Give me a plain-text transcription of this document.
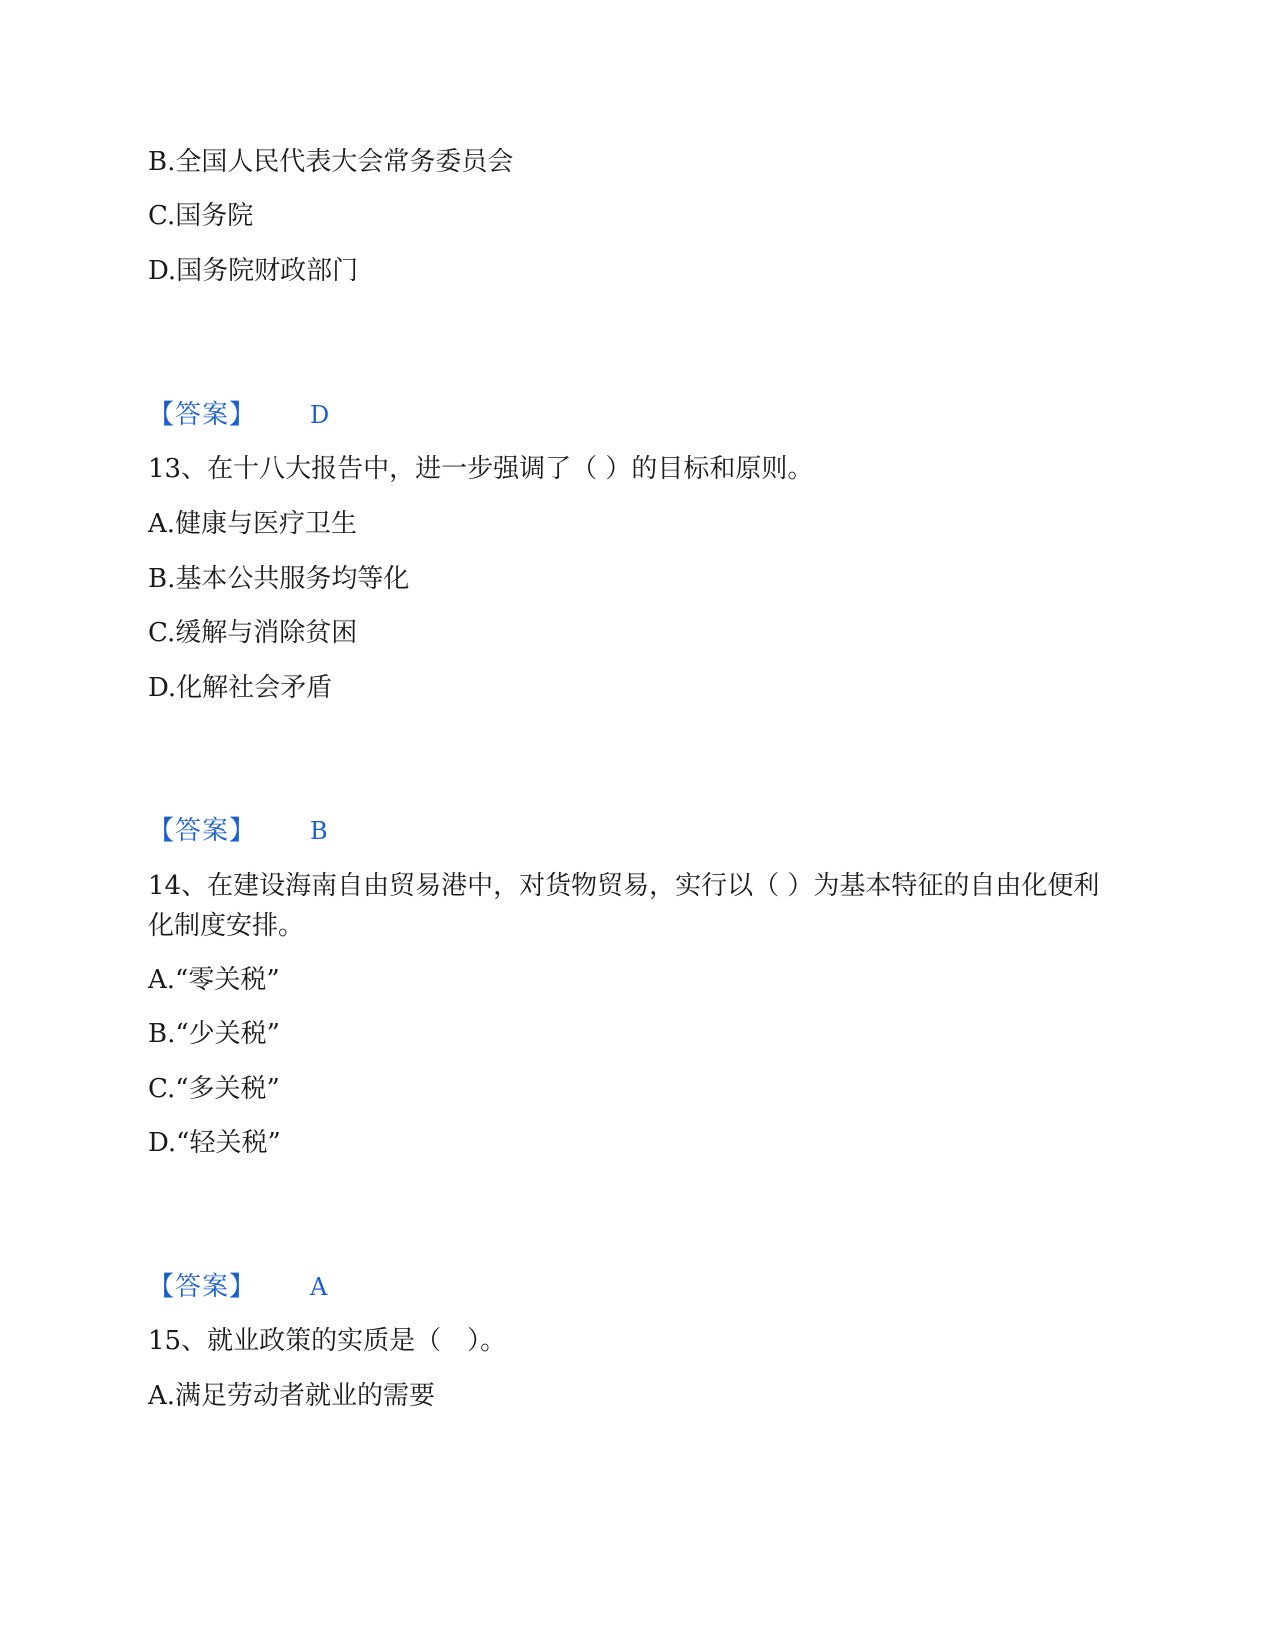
B.全国人民代表大会常务委员会
C.国务院
D.国务院财政部门
【答案】 D
13、在十八大报告中，进一步强调了（ ）的目标和原则。
A.健康与医疗卫生
B.基本公共服务均等化
C.缓解与消除贫困
D.化解社会矛盾
【答案】 B
14、在建设海南自由贸易港中，对货物贸易，实行以（ ）为基本特征的自由化便利化制度安排。
A.“零关税”
B.“少关税”
C.“多关税”
D.“轻关税”
【答案】 A
15、就业政策的实质是（　）。
A.满足劳动者就业的需要
